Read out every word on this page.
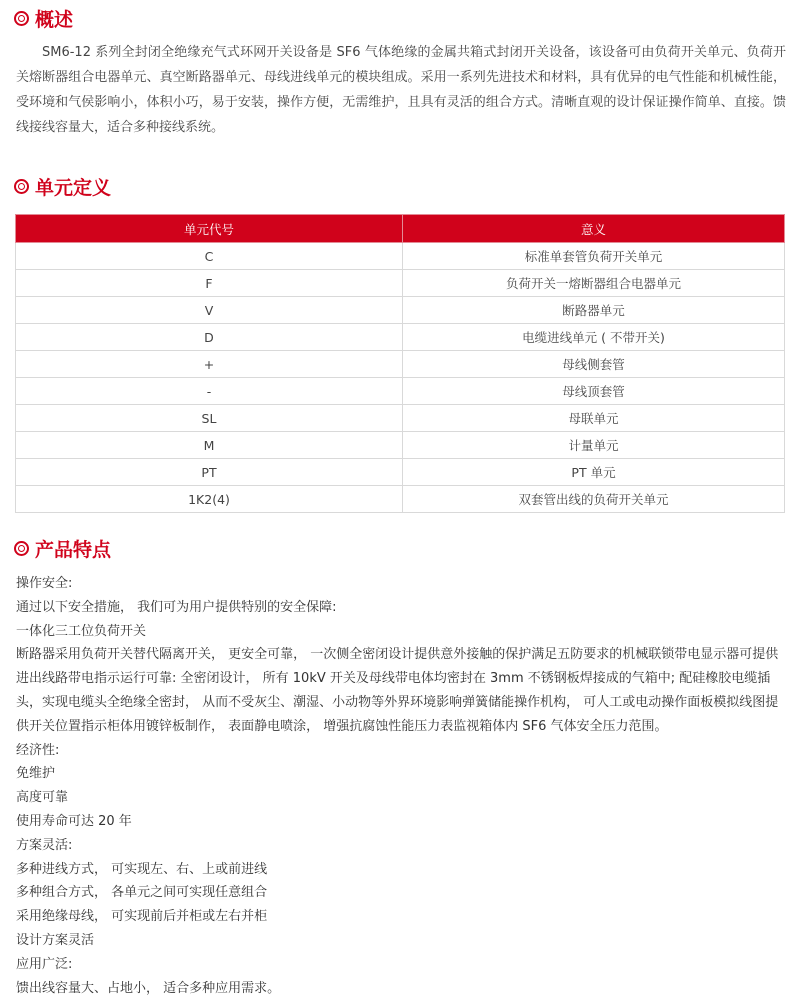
概述

SM6-12 系列全封闭全绝缘充气式环网开关设备是 SF6 气体绝缘的金属共箱式封闭开关设备，该设备可由负荷开关单元、负荷开关熔断器组合电器单元、真空断路器单元、母线进线单元的模块组成。采用一系列先进技术和材料，具有优异的电气性能和机械性能，受环境和气侯影响小，体积小巧，易于安装，操作方便，无需维护，且具有灵活的组合方式。清晰直观的设计保证操作简单、直接。馈线接线容量大，适合多种接线系统。

单元定义
单元代号	意义
C	标准单套管负荷开关单元
F	负荷开关一熔断器组合电器单元
V	断路器单元
D	电缆进线单元 ( 不带开关)
+	母线侧套管
-	母线顶套管
SL	母联单元
M	计量单元
PT	PT 单元
1K2(4)	双套管出线的负荷开关单元
产品特点
操作安全:
通过以下安全措施， 我们可为用户提供特别的安全保障:
一体化三工位负荷开关
断路器采用负荷开关替代隔离开关， 更安全可靠， 一次侧全密闭设计提供意外接触的保护满足五防要求的机械联锁带电显示器可提供进出线路带电指示运行可靠: 全密闭设计， 所有 10kV 开关及母线带电体均密封在 3mm 不锈钢板焊接成的气箱中; 配硅橡胶电缆插头，实现电缆头全绝缘全密封， 从而不受灰尘、潮湿、小动物等外界环境影响弹簧储能操作机构， 可人工或电动操作面板模拟线图提供开关位置指示柜体用镀锌板制作， 表面静电喷涂， 增强抗腐蚀性能压力表监视箱体内 SF6 气体安全压力范围。
经济性:
免维护
高度可靠
使用寿命可达 20 年
方案灵活:
多种进线方式， 可实现左、右、上或前进线
多种组合方式， 各单元之间可实现任意组合
采用绝缘母线， 可实现前后并柜或左右并柜
设计方案灵活
应用广泛:
馈出线容量大、占地小， 适合多种应用需求。
